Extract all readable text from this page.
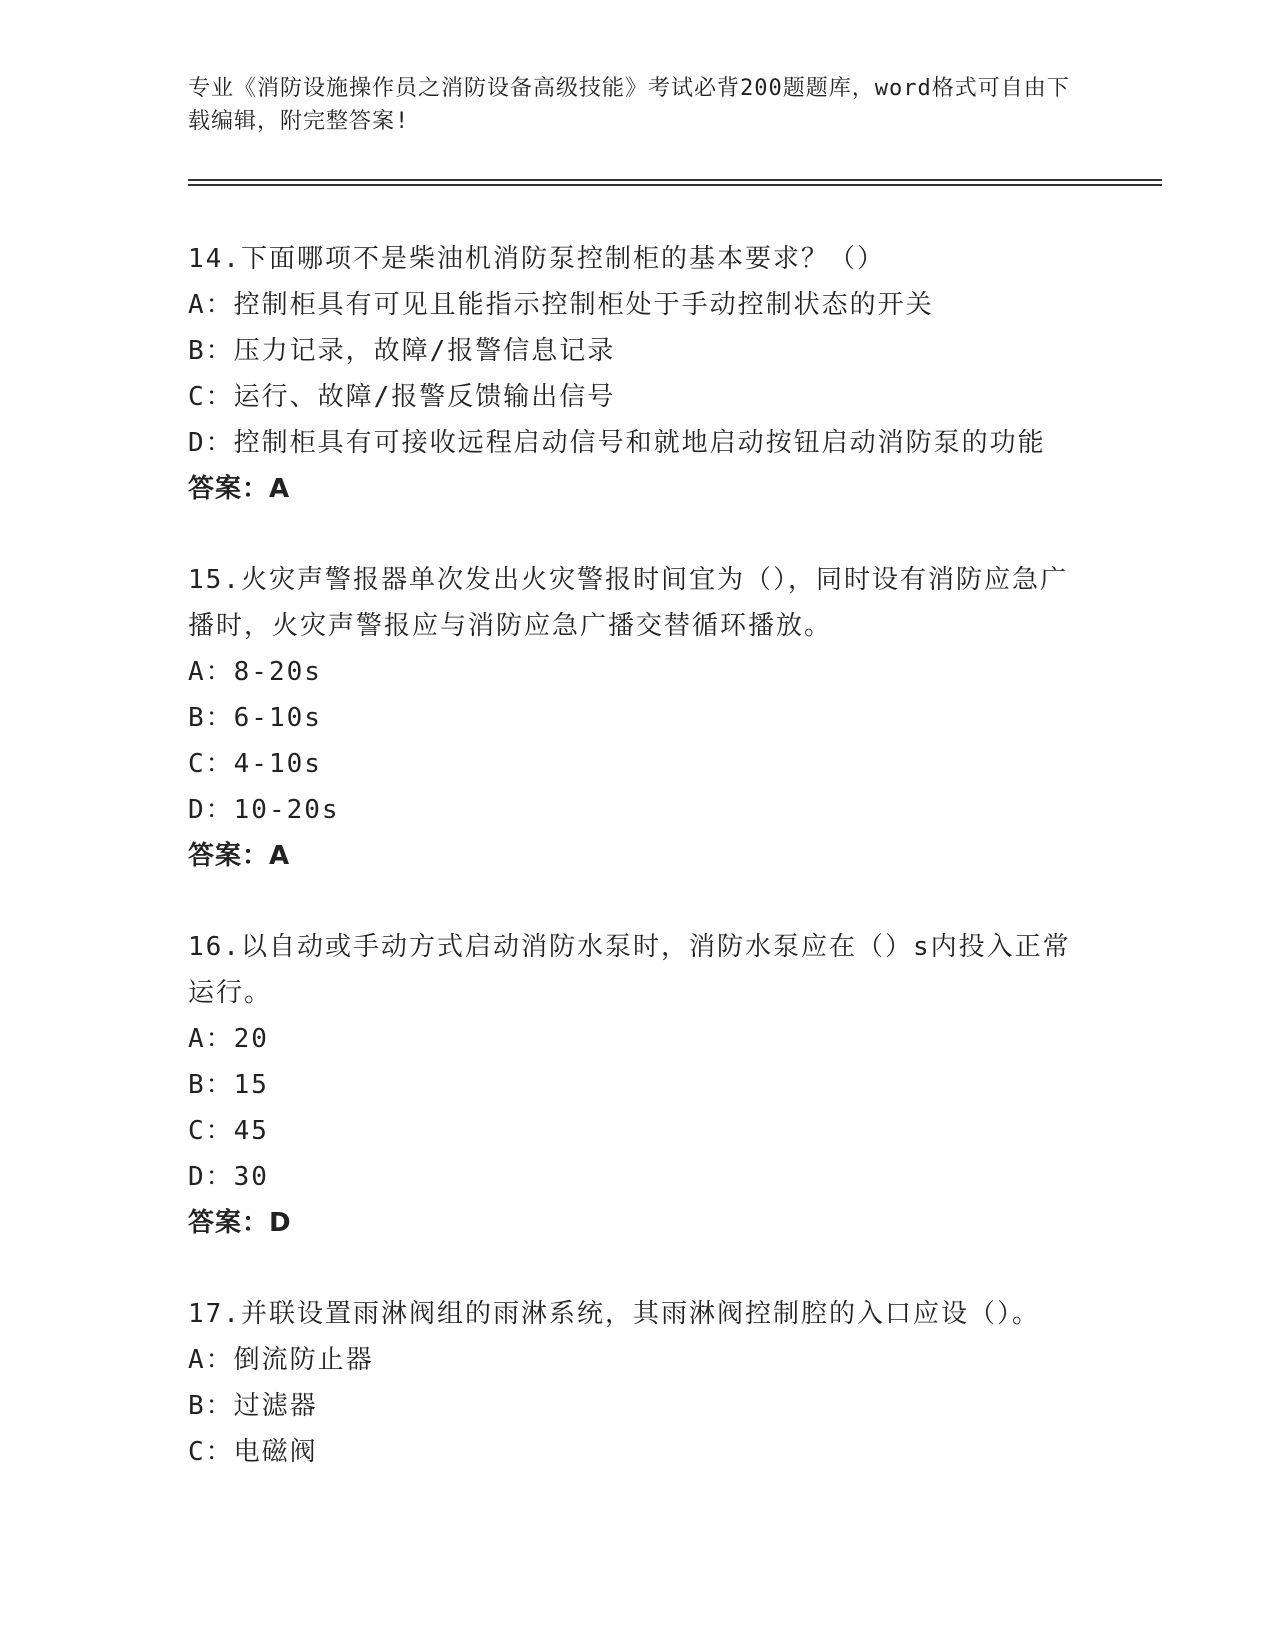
专业《消防设施操作员之消防设备高级技能》考试必背200题题库，word格式可自由下载编辑，附完整答案!

14.下面哪项不是柴油机消防泵控制柜的基本要求？（）

A：控制柜具有可见且能指示控制柜处于手动控制状态的开关

B：压力记录，故障/报警信息记录

C：运行、故障/报警反馈输出信号

D：控制柜具有可接收远程启动信号和就地启动按钮启动消防泵的功能

答案：A

15.火灾声警报器单次发出火灾警报时间宜为（），同时设有消防应急广播时，火灾声警报应与消防应急广播交替循环播放。

A：8-20s

B：6-10s

C：4-10s

D：10-20s

答案：A

16.以自动或手动方式启动消防水泵时，消防水泵应在（）s内投入正常运行。

A：20

B：15

C：45

D：30

答案：D

17.并联设置雨淋阀组的雨淋系统，其雨淋阀控制腔的入口应设（）。

A：倒流防止器

B：过滤器

C：电磁阀
